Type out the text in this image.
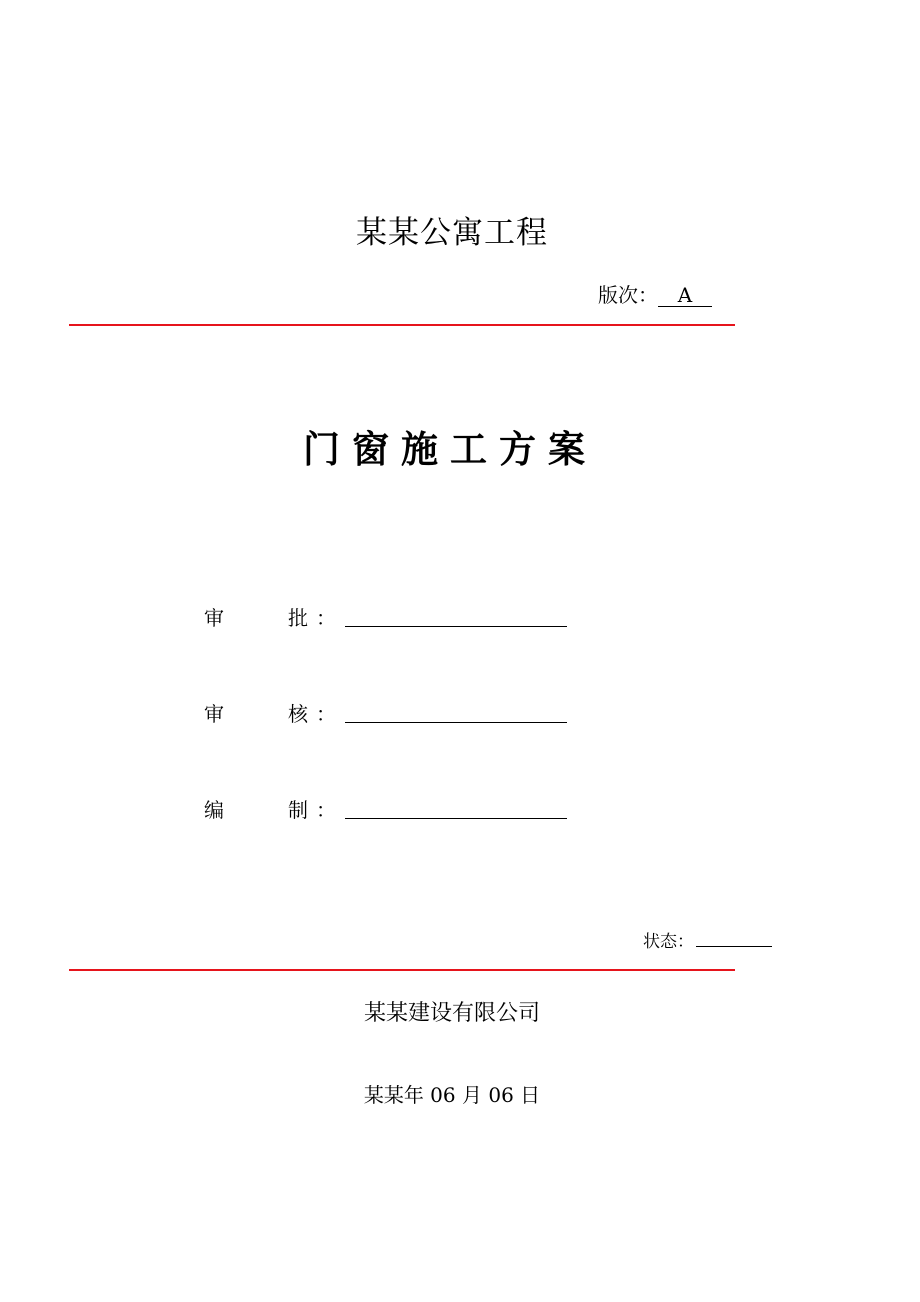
某某公寓工程
版次： A
门窗施工方案
审	批 ：
审	核 ：
编	制 ：
状态：
某某建设有限公司
某某年 06 月 06 日
